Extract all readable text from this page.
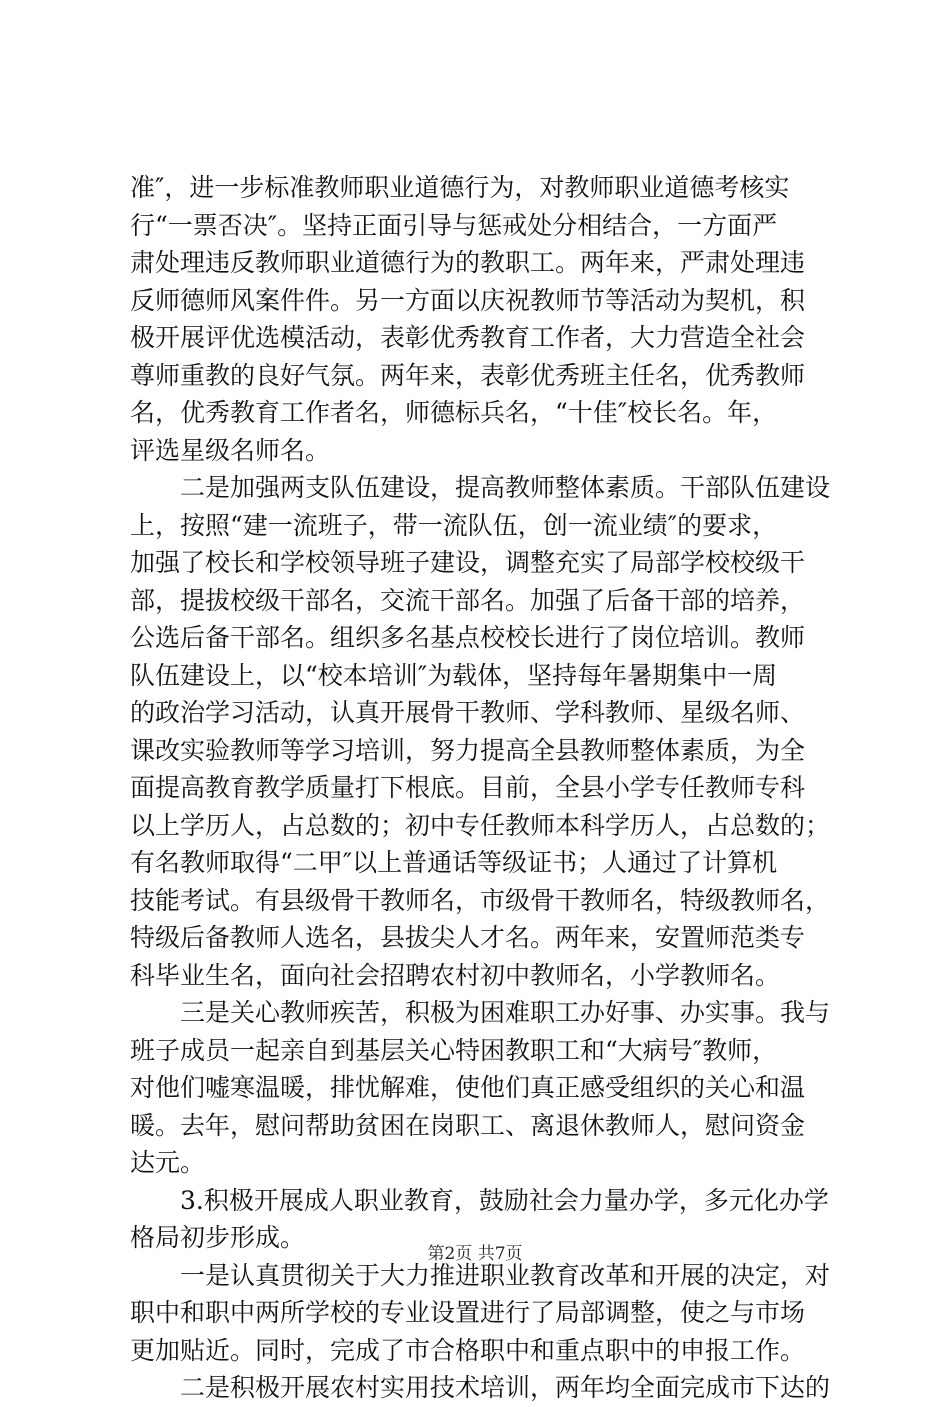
准″，进一步标准教师职业道德行为，对教师职业道德考核实
行“一票否决″。坚持正面引导与惩戒处分相结合，一方面严
肃处理违反教师职业道德行为的教职工。两年来，严肃处理违
反师德师风案件件。另一方面以庆祝教师节等活动为契机，积
极开展评优选模活动，表彰优秀教育工作者，大力营造全社会
尊师重教的良好气氛。两年来，表彰优秀班主任名，优秀教师
名，优秀教育工作者名，师德标兵名，“十佳″校长名。年，
评选星级名师名。
　　二是加强两支队伍建设，提高教师整体素质。干部队伍建设
上，按照“建一流班子，带一流队伍，创一流业绩″的要求，
加强了校长和学校领导班子建设，调整充实了局部学校校级干
部，提拔校级干部名，交流干部名。加强了后备干部的培养，
公选后备干部名。组织多名基点校校长进行了岗位培训。教师
队伍建设上，以“校本培训″为载体，坚持每年暑期集中一周
的政治学习活动，认真开展骨干教师、学科教师、星级名师、
课改实验教师等学习培训，努力提高全县教师整体素质，为全
面提高教育教学质量打下根底。目前，全县小学专任教师专科
以上学历人，占总数的；初中专任教师本科学历人，占总数的；
有名教师取得“二甲″以上普通话等级证书；人通过了计算机
技能考试。有县级骨干教师名，市级骨干教师名，特级教师名，
特级后备教师人选名，县拔尖人才名。两年来，安置师范类专
科毕业生名，面向社会招聘农村初中教师名，小学教师名。
　　三是关心教师疾苦，积极为困难职工办好事、办实事。我与
班子成员一起亲自到基层关心特困教职工和“大病号″教师，
对他们嘘寒温暖，排忧解难，使他们真正感受组织的关心和温
暖。去年，慰问帮助贫困在岗职工、离退休教师人，慰问资金
达元。
　　3.积极开展成人职业教育，鼓励社会力量办学，多元化办学
格局初步形成。
　　一是认真贯彻关于大力推进职业教育改革和开展的决定，对
职中和职中两所学校的专业设置进行了局部调整，使之与市场
更加贴近。同时，完成了市合格职中和重点职中的申报工作。
　　二是积极开展农村实用技术培训，两年均全面完成市下达的
第2页 共7页
